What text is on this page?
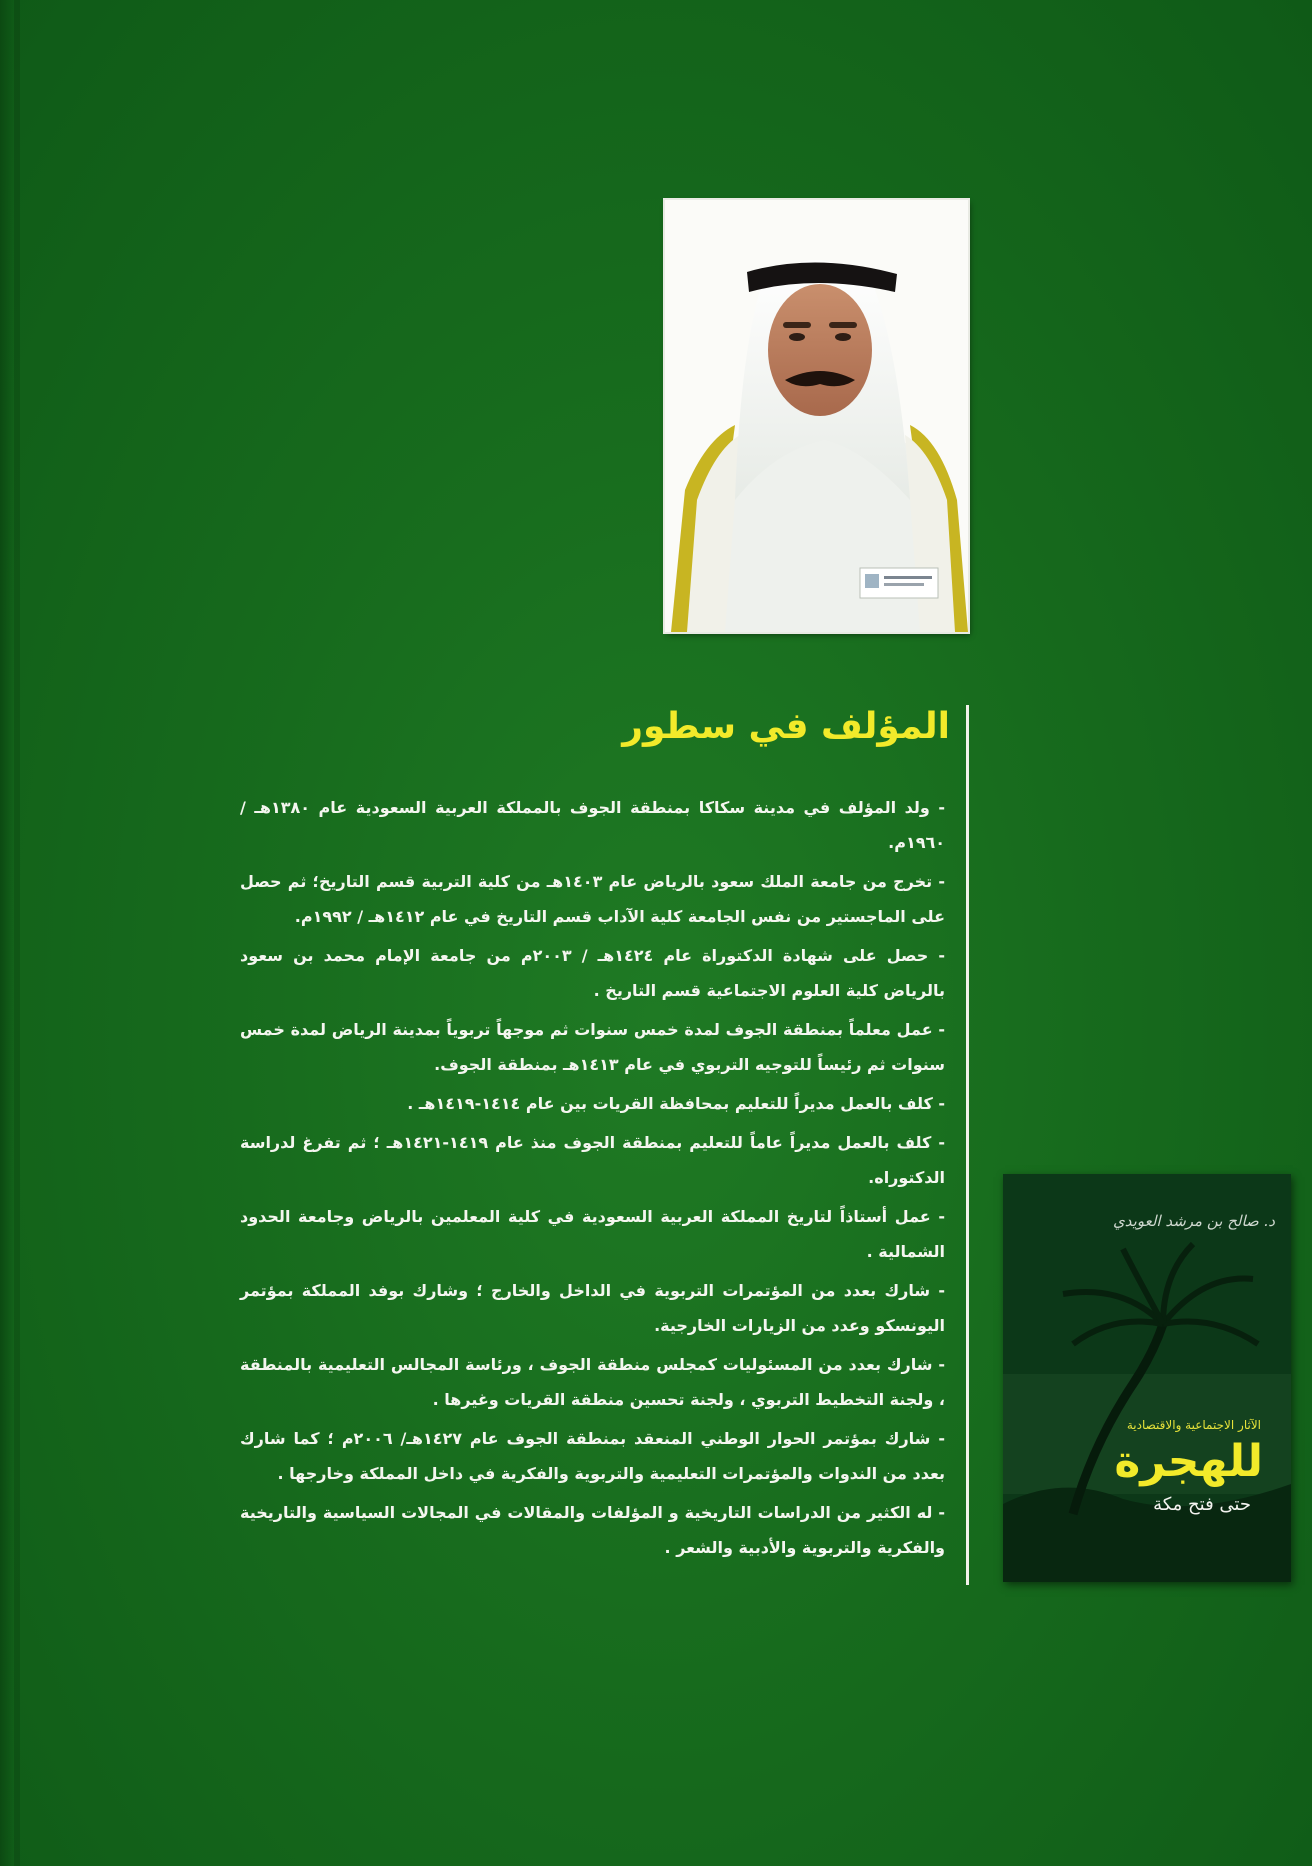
المؤلف في سطور
- ولد المؤلف في مدينة سكاكا بمنطقة الجوف بالمملكة العربية السعودية عام ١٣٨٠هـ / ١٩٦٠م.
- تخرج من جامعة الملك سعود بالرياض عام ١٤٠٣هـ من كلية التربية قسم التاريخ؛ ثم حصل على الماجستير من نفس الجامعة كلية الآداب قسم التاريخ في عام ١٤١٢هـ / ١٩٩٢م.
- حصل على شهادة الدكتوراة عام ١٤٢٤هـ / ٢٠٠٣م من جامعة الإمام محمد بن سعود بالرياض كلية العلوم الاجتماعية قسم التاريخ .
- عمل معلماً بمنطقة الجوف لمدة خمس سنوات ثم موجهاً تربوياً بمدينة الرياض لمدة خمس سنوات ثم رئيساً للتوجيه التربوي في عام ١٤١٣هـ بمنطقة الجوف.
- كلف بالعمل مديراً للتعليم بمحافظة القريات بين عام ١٤١٤-١٤١٩هـ .
- كلف بالعمل مديراً عاماً للتعليم بمنطقة الجوف منذ عام ١٤١٩-١٤٢١هـ ؛ ثم تفرغ لدراسة الدكتوراه.
- عمل أستاذاً لتاريخ المملكة العربية السعودية في كلية المعلمين بالرياض وجامعة الحدود الشمالية .
- شارك بعدد من المؤتمرات التربوية في الداخل والخارج ؛ وشارك بوفد المملكة بمؤتمر اليونسكو وعدد من الزيارات الخارجية.
- شارك بعدد من المسئوليات كمجلس منطقة الجوف ، ورئاسة المجالس التعليمية بالمنطقة ، ولجنة التخطيط التربوي ، ولجنة تحسين منطقة القريات وغيرها .
- شارك بمؤتمر الحوار الوطني المنعقد بمنطقة الجوف عام ١٤٢٧هـ/ ٢٠٠٦م ؛ كما شارك بعدد من الندوات والمؤتمرات التعليمية والتربوية والفكرية في داخل المملكة وخارجها .
- له الكثير من الدراسات التاريخية و المؤلفات والمقالات في المجالات السياسية والتاريخية والفكرية والتربوية والأدبية والشعر .
د. صالح بن مرشد العويدي
الآثار الاجتماعية والاقتصادية
للهجرة
حتى فتح مكة
